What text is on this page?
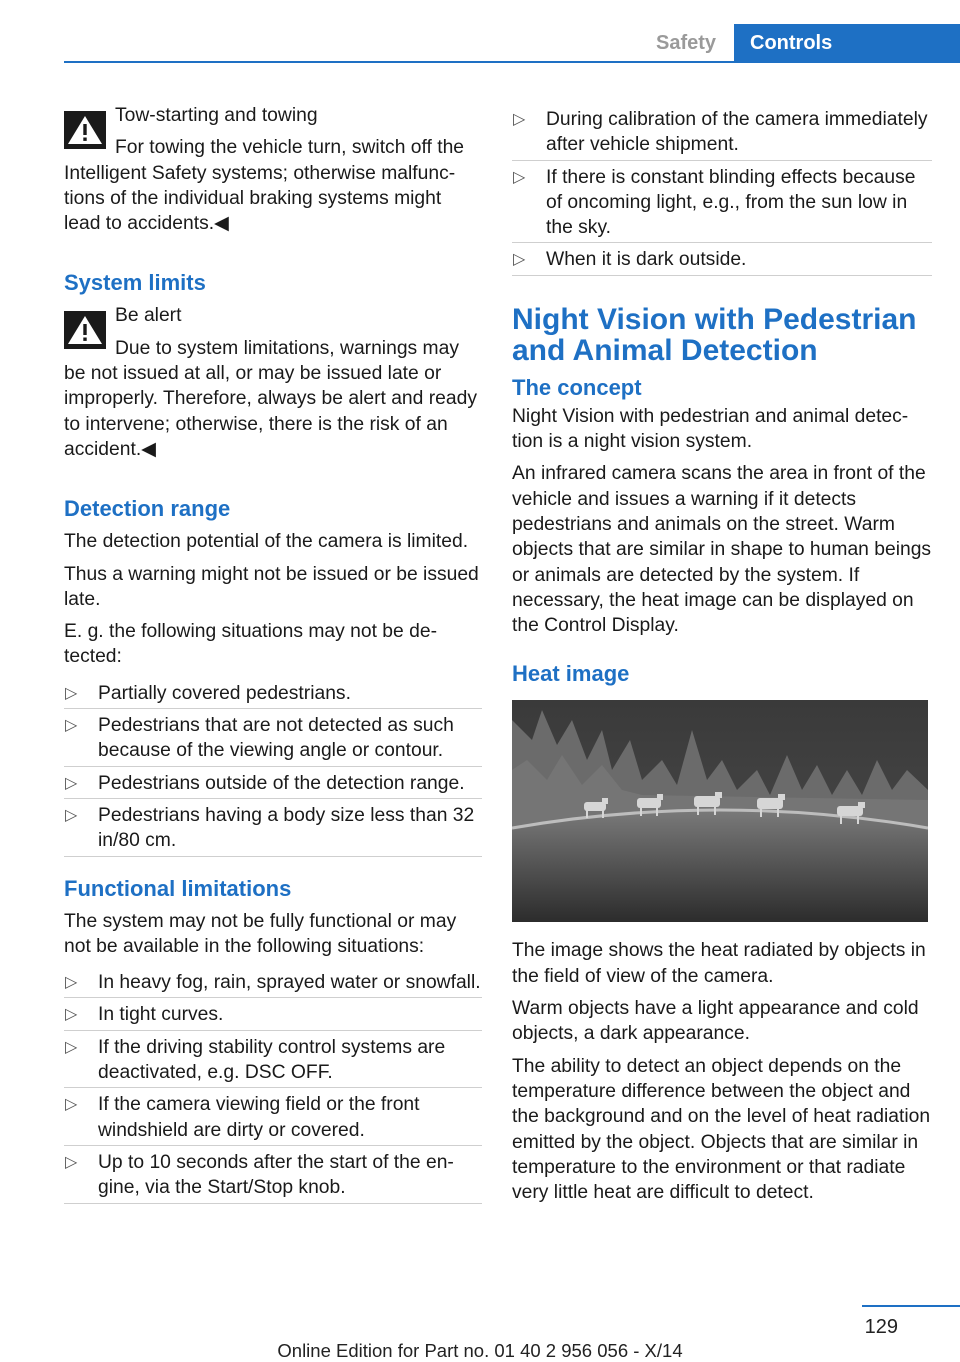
Safety	Controls

Tow-starting and towing

For towing the vehicle turn, switch off the Intelligent Safety systems; otherwise malfunctions of the individual braking systems might lead to accidents.◀

System limits

Be alert

Due to system limitations, warnings may be not issued at all, or may be issued late or improperly. Therefore, always be alert and ready to intervene; otherwise, there is the risk of an accident.◀

Detection range

The detection potential of the camera is limited.

Thus a warning might not be issued or be issued late.

E. g. the following situations may not be detected:

▷ Partially covered pedestrians.
▷ Pedestrians that are not detected as such because of the viewing angle or contour.
▷ Pedestrians outside of the detection range.
▷ Pedestrians having a body size less than 32 in/80 cm.
Functional limitations

The system may not be fully functional or may not be available in the following situations:

▷ In heavy fog, rain, sprayed water or snowfall.
▷ In tight curves.
▷ If the driving stability control systems are deactivated, e.g. DSC OFF.
▷ If the camera viewing field or the front windshield are dirty or covered.
▷ Up to 10 seconds after the start of the engine, via the Start/Stop knob.
▷ During calibration of the camera immediately after vehicle shipment.
▷ If there is constant blinding effects because of oncoming light, e.g., from the sun low in the sky.
▷ When it is dark outside.
Night Vision with Pedestrian and Animal Detection
The concept

Night Vision with pedestrian and animal detection is a night vision system.

An infrared camera scans the area in front of the vehicle and issues a warning if it detects pedestrians and animals on the street. Warm objects that are similar in shape to human beings or animals are detected by the system. If necessary, the heat image can be displayed on the Control Display.

Heat image

The image shows the heat radiated by objects in the field of view of the camera.

Warm objects have a light appearance and cold objects, a dark appearance.

The ability to detect an object depends on the temperature difference between the object and the background and on the level of heat radiation emitted by the object. Objects that are similar in temperature to the environment or that radiate very little heat are difficult to detect.

129
Online Edition for Part no. 01 40 2 956 056 - X/14
